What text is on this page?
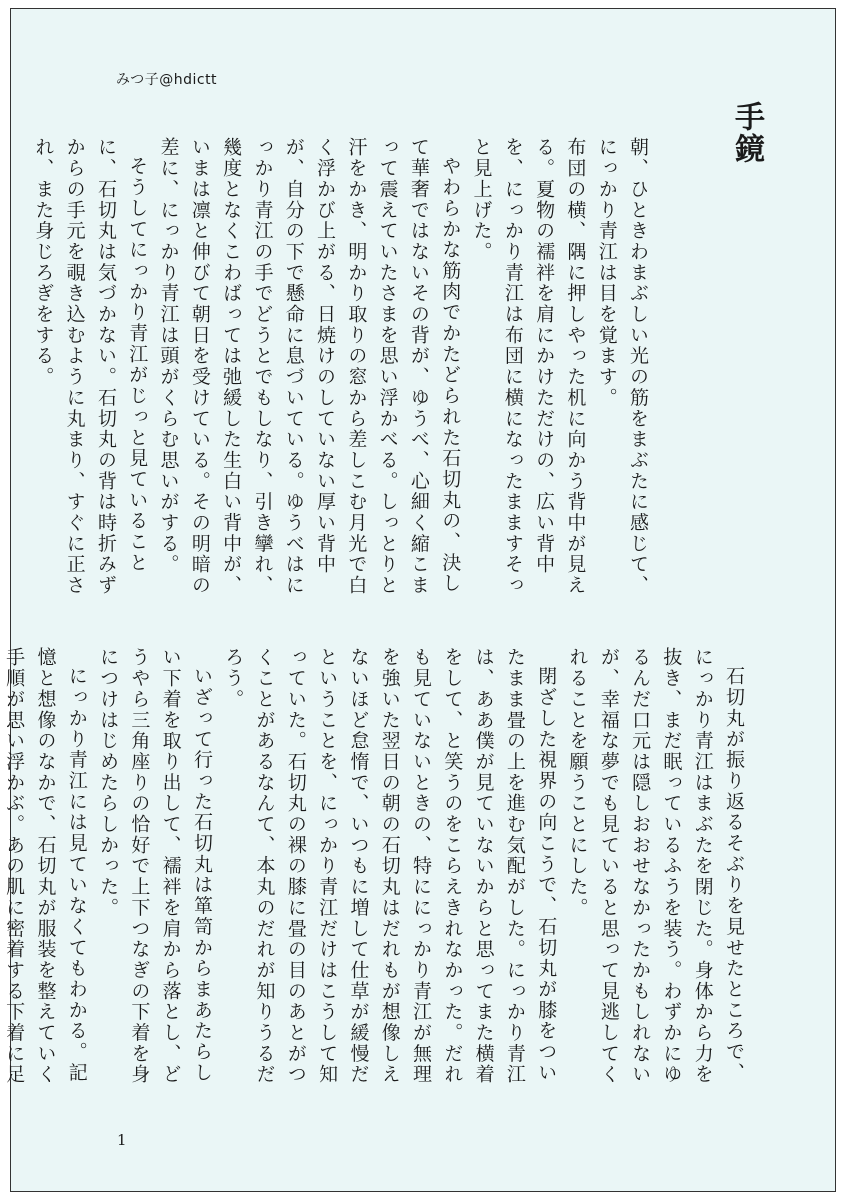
みつ子@hdictt
手鏡

朝、ひときわまぶしい光の筋をまぶたに感じて、にっかり青江は目を覚ます。

布団の横、隅に押しやった机に向かう背中が見える。夏物の襦袢を肩にかけただけの、広い背中を、にっかり青江は布団に横になったまますそっと見上げた。

やわらかな筋肉でかたどられた石切丸の、決して華奢ではないその背が、ゆうべ、心細く縮こまって震えていたさまを思い浮かべる。しっとりと汗をかき、明かり取りの窓から差しこむ月光で白く浮かび上がる、日焼けのしていない厚い背中が、自分の下で懸命に息づいている。ゆうべはにっかり青江の手でどうとでもしなり、引き攣れ、幾度となくこわばっては弛緩した生白い背中が、いまは凛と伸びて朝日を受けている。その明暗の差に、にっかり青江は頭がくらむ思いがする。

そうしてにっかり青江がじっと見ていることに、石切丸は気づかない。石切丸の背は時折みずからの手元を覗き込むように丸まり、すぐに正され、また身じろぎをする。

石切丸が振り返るそぶりを見せたところで、にっかり青江はまぶたを閉じた。身体から力を抜き、まだ眠っているふうを装う。わずかにゆるんだ口元は隠しおおせなかったかもしれないが、幸福な夢でも見ていると思って見逃してくれることを願うことにした。

閉ざした視界の向こうで、石切丸が膝をついたまま畳の上を進む気配がした。にっかり青江は、ああ僕が見ていないからと思ってまた横着をして、と笑うのをこらえきれなかった。だれも見ていないときの、特ににっかり青江が無理を強いた翌日の朝の石切丸はだれもが想像しえないほど怠惰で、いつもに増して仕草が緩慢だということを、にっかり青江だけはこうして知っていた。石切丸の裸の膝に畳の目のあとがつくことがあるなんて、本丸のだれが知りうるだろう。

いざって行った石切丸は箪笥からまあたらしい下着を取り出して、襦袢を肩から落とし、どうやら三角座りの恰好で上下つなぎの下着を身につけはじめたらしかった。

にっかり青江には見ていなくてもわかる。記憶と想像のなかで、石切丸が服装を整えていく手順が思い浮かぶ。あの肌に密着する下着に足

1
